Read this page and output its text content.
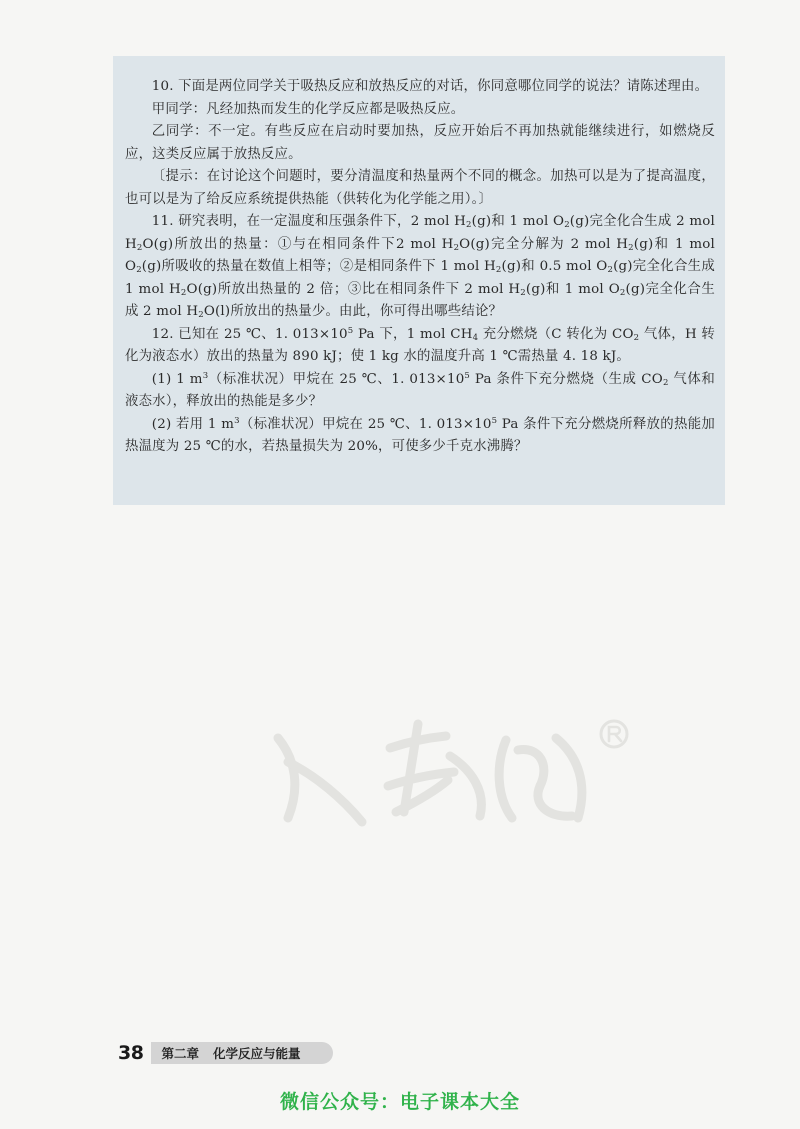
10. 下面是两位同学关于吸热反应和放热反应的对话，你同意哪位同学的说法？请陈述理由。

甲同学：凡经加热而发生的化学反应都是吸热反应。

乙同学：不一定。有些反应在启动时要加热，反应开始后不再加热就能继续进行，如燃烧反应，这类反应属于放热反应。

〔提示：在讨论这个问题时，要分清温度和热量两个不同的概念。加热可以是为了提高温度，也可以是为了给反应系统提供热能（供转化为化学能之用）。〕

11. 研究表明，在一定温度和压强条件下，2 mol $H_2(g)$和 1 mol $O_2(g)$完全化合生成 2 mol $H_2O(g)$所放出的热量：①与在相同条件下2 mol $H_2O(g)$完全分解为 2 mol $H_2(g)$和 1 mol $O_2(g)$所吸收的热量在数值上相等；②是相同条件下 1 mol $H_2(g)$和 0.5 mol $O_2(g)$完全化合生成 1 mol $H_2O(g)$所放出热量的 2 倍；③比在相同条件下 2 mol $H_2(g)$和 1 mol $O_2(g)$完全化合生成 2 mol $H_2O(l)$所放出的热量少。由此，你可得出哪些结论？

12. 已知在 25 ℃、1. $013\times 10^5$ Pa 下，1 mol $CH_4$ 充分燃烧（C 转化为 $CO_2$ 气体，H 转化为液态水）放出的热量为 890 kJ；使 1 kg 水的温度升高 1 ℃需热量 4. 18 kJ。

(1) 1 $m^3$（标准状况）甲烷在 25 ℃、1. $013\times 10^5$ Pa 条件下充分燃烧（生成 $CO_2$ 气体和液态水），释放出的热能是多少？

(2) 若用 1 $m^3$（标准状况）甲烷在 25 ℃、1. $013\times 10^5$ Pa 条件下充分燃烧所释放的热能加热温度为 25 ℃的水，若热量损失为 20%，可使多少千克水沸腾？

38 第二章 化学反应与能量
微信公众号：电子课本大全
